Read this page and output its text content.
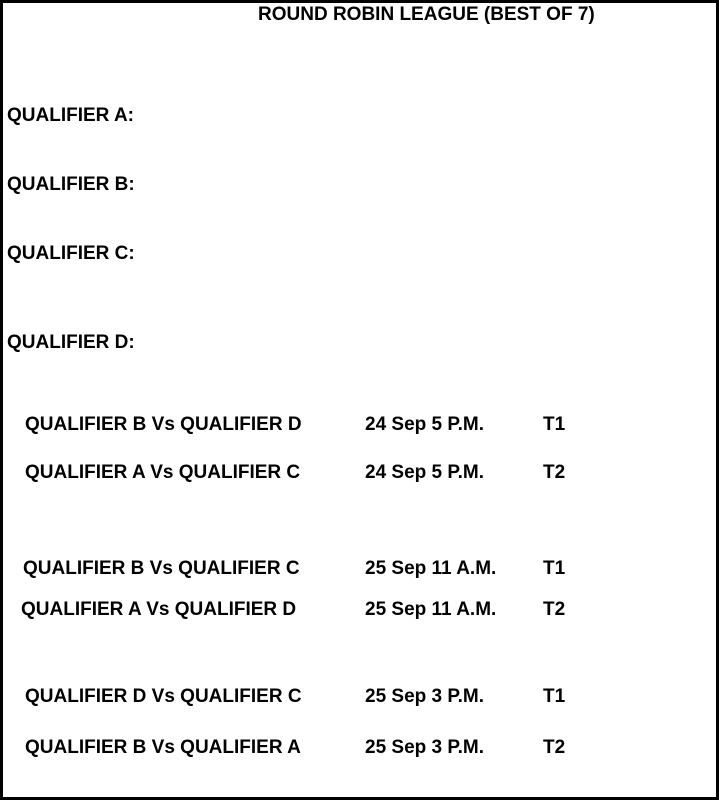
ROUND ROBIN LEAGUE (BEST OF 7)
QUALIFIER A:
QUALIFIER B:
QUALIFIER C:
QUALIFIER D:
QUALIFIER B Vs QUALIFIER D	24 Sep 5 P.M.	T1
QUALIFIER A Vs QUALIFIER C	24 Sep 5 P.M.	T2
QUALIFIER B Vs QUALIFIER C	25 Sep 11 A.M. T1
QUALIFIER A Vs QUALIFIER D	25 Sep 11 A.M. T2
QUALIFIER D Vs QUALIFIER C	25 Sep 3 P.M.	T1
QUALIFIER B Vs QUALIFIER A	25 Sep 3 P.M.	T2
